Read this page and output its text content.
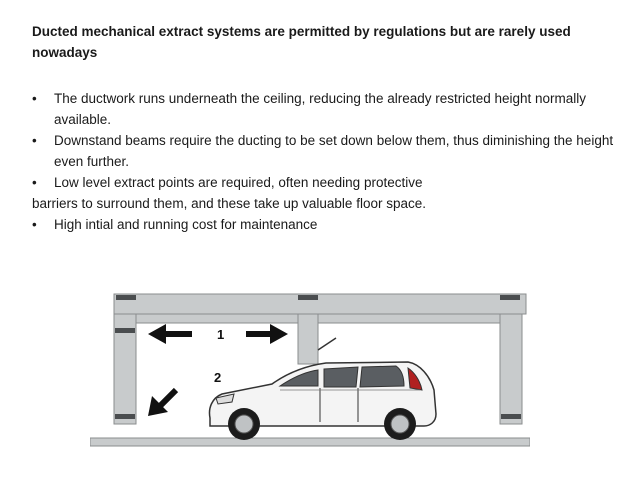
Ducted mechanical extract systems are permitted by regulations but are rarely used nowadays
• The ductwork runs underneath the ceiling, reducing the already restricted height normally available.
• Downstand beams require the ducting to be set down below them, thus diminishing the height even further.
• Low level extract points are required, often needing protective
barriers to surround them, and these take up valuable floor space.
• High intial and running cost for maintenance
1
2
